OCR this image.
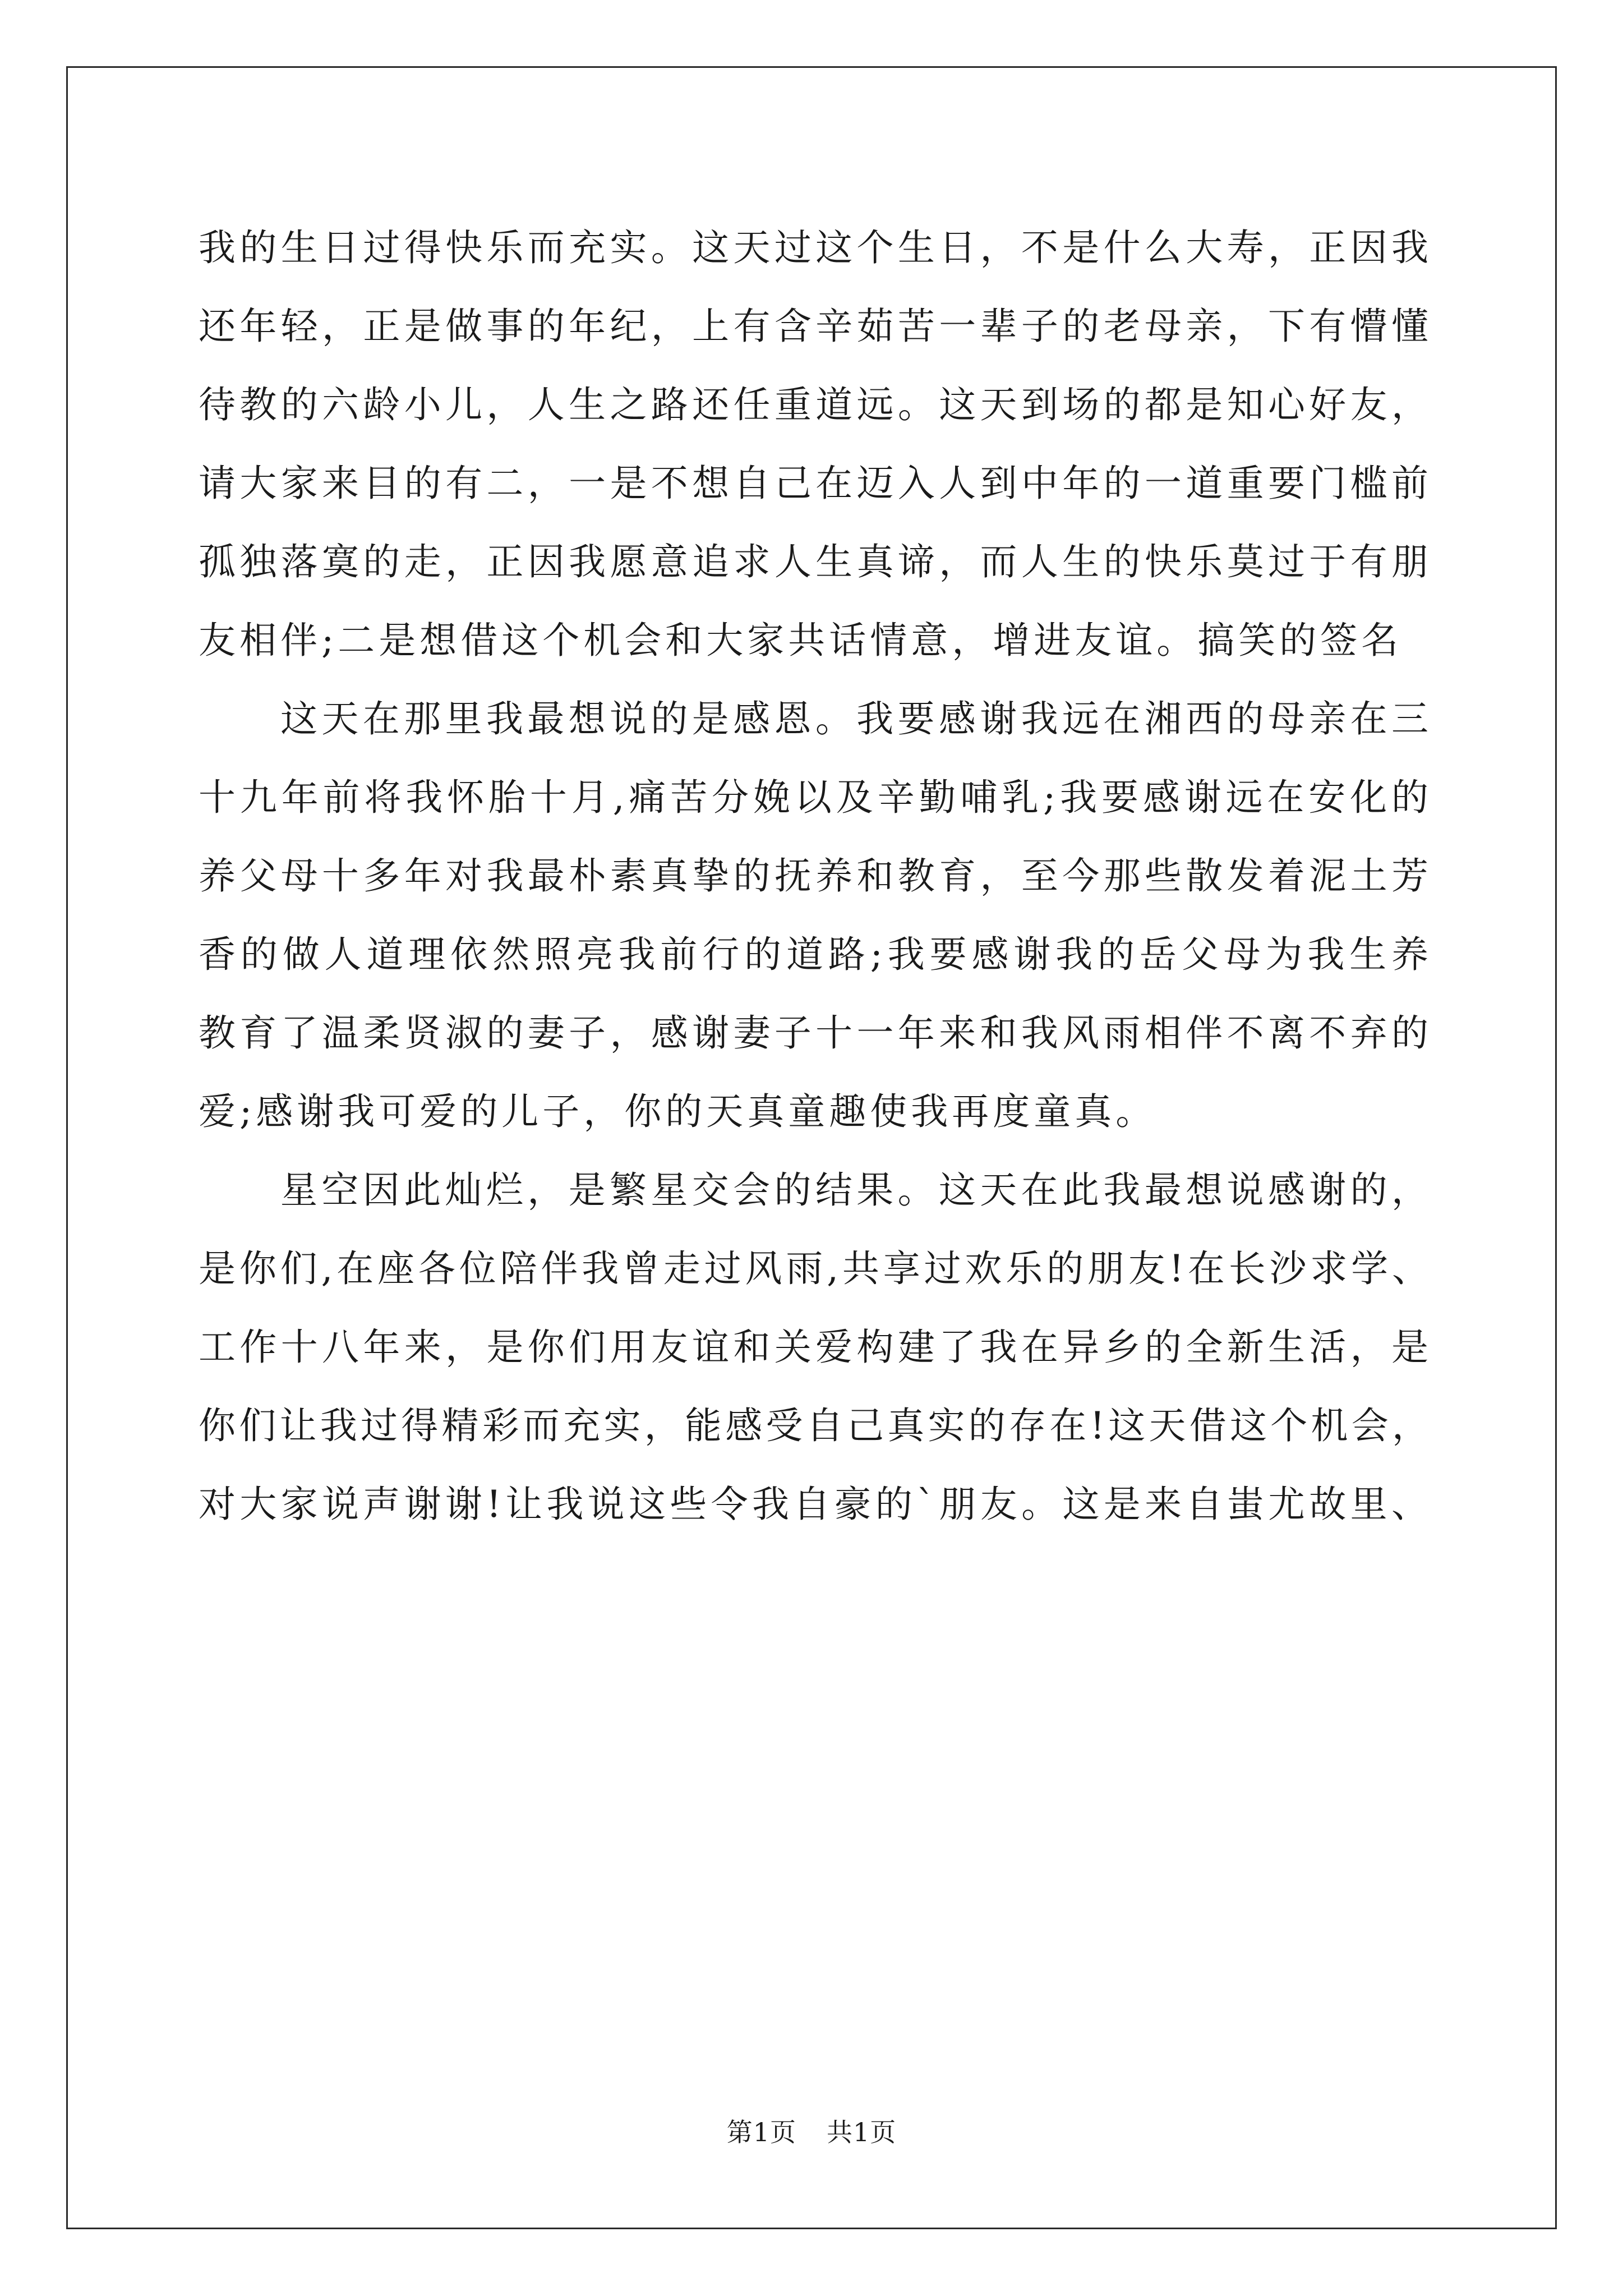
我的生日过得快乐而充实。这天过这个生日，不是什么大寿，正因我
还年轻，正是做事的年纪，上有含辛茹苦一辈子的老母亲，下有懵懂
待教的六龄小儿，人生之路还任重道远。这天到场的都是知心好友，
请大家来目的有二，一是不想自己在迈入人到中年的一道重要门槛前
孤独落寞的走，正因我愿意追求人生真谛，而人生的快乐莫过于有朋
友相伴;二是想借这个机会和大家共话情意，增进友谊。搞笑的签名
这天在那里我最想说的是感恩。我要感谢我远在湘西的母亲在三
十九年前将我怀胎十月,痛苦分娩以及辛勤哺乳;我要感谢远在安化的
养父母十多年对我最朴素真挚的抚养和教育，至今那些散发着泥土芳
香的做人道理依然照亮我前行的道路;我要感谢我的岳父母为我生养
教育了温柔贤淑的妻子，感谢妻子十一年来和我风雨相伴不离不弃的
爱;感谢我可爱的儿子，你的天真童趣使我再度童真。
星空因此灿烂，是繁星交会的结果。这天在此我最想说感谢的，
是你们,在座各位陪伴我曾走过风雨,共享过欢乐的朋友!在长沙求学、
工作十八年来，是你们用友谊和关爱构建了我在异乡的全新生活，是
你们让我过得精彩而充实，能感受自己真实的存在!这天借这个机会，
对大家说声谢谢!让我说这些令我自豪的`朋友。这是来自蚩尤故里、
第1页 共1页
